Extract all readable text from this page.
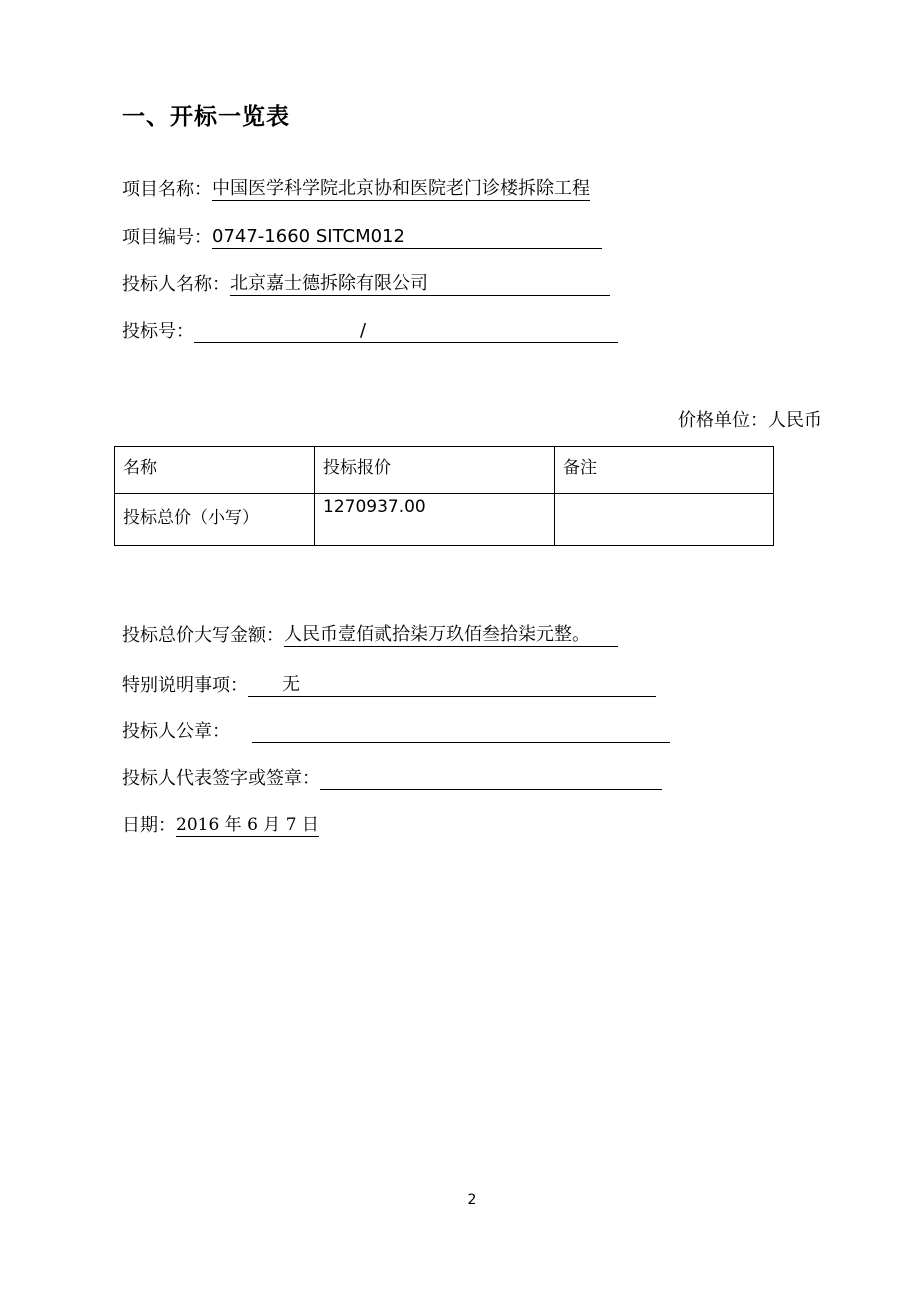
一、开标一览表
项目名称：中国医学科学院北京协和医院老门诊楼拆除工程
项目编号：0747-1660 SITCM012
投标人名称：北京嘉士德拆除有限公司
投标号：	/
价格单位：人民币
名称	投标报价	备注
投标总价（小写）	1270937.00	
投标总价大写金额：人民币壹佰贰拾柒万玖佰叁拾柒元整。
特别说明事项： 无
投标人公章：
投标人代表签字或签章：
日期：2016 年 6 月 7 日
2
